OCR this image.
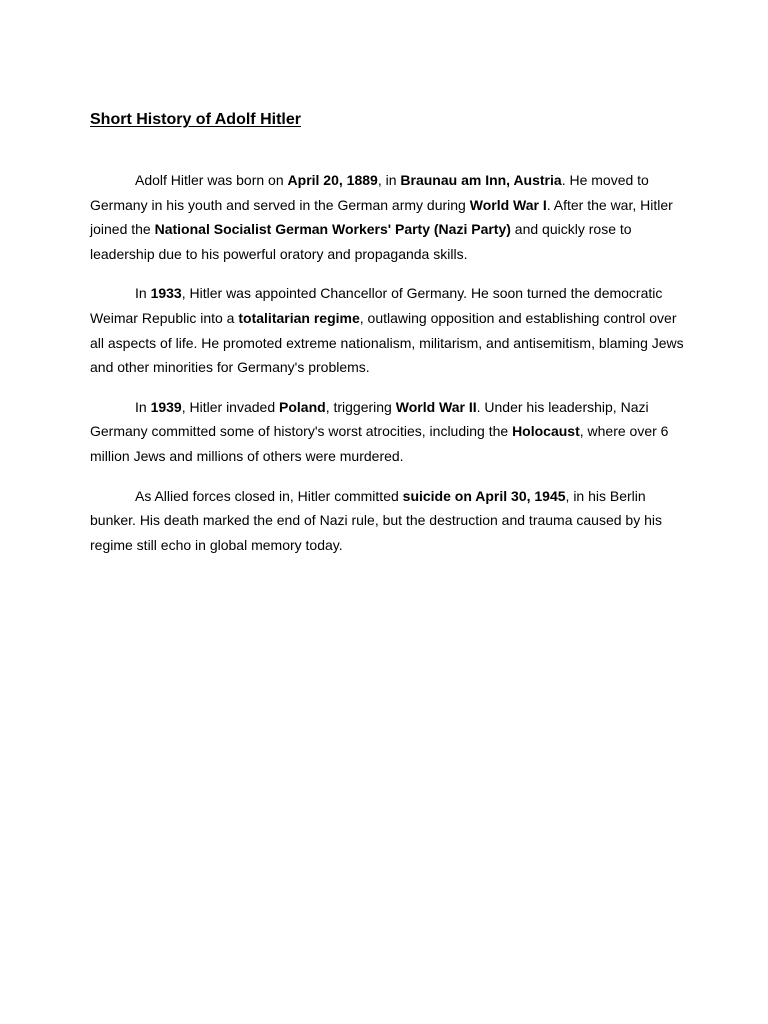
Short History of Adolf Hitler

Adolf Hitler was born on April 20, 1889, in Braunau am Inn, Austria. He moved to Germany in his youth and served in the German army during World War I. After the war, Hitler joined the National Socialist German Workers' Party (Nazi Party) and quickly rose to leadership due to his powerful oratory and propaganda skills.

In 1933, Hitler was appointed Chancellor of Germany. He soon turned the democratic Weimar Republic into a totalitarian regime, outlawing opposition and establishing control over all aspects of life. He promoted extreme nationalism, militarism, and antisemitism, blaming Jews and other minorities for Germany's problems.

In 1939, Hitler invaded Poland, triggering World War II. Under his leadership, Nazi Germany committed some of history's worst atrocities, including the Holocaust, where over 6 million Jews and millions of others were murdered.

As Allied forces closed in, Hitler committed suicide on April 30, 1945, in his Berlin bunker. His death marked the end of Nazi rule, but the destruction and trauma caused by his regime still echo in global memory today.
